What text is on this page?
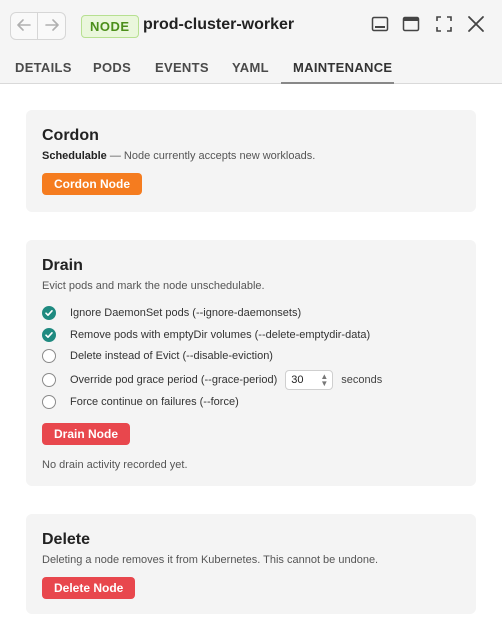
NODE prod-cluster-worker
DETAILS PODS EVENTS YAML MAINTENANCE
Cordon
Schedulable — Node currently accepts new workloads.
Cordon Node
Drain
Evict pods and mark the node unschedulable.
Ignore DaemonSet pods (--ignore-daemonsets)
Remove pods with emptyDir volumes (--delete-emptydir-data)
Delete instead of Evict (--disable-eviction)
Override pod grace period (--grace-period) 30 ▲
▼ seconds
Force continue on failures (--force)
Drain Node
No drain activity recorded yet.
Delete
Deleting a node removes it from Kubernetes. This cannot be undone.
Delete Node
